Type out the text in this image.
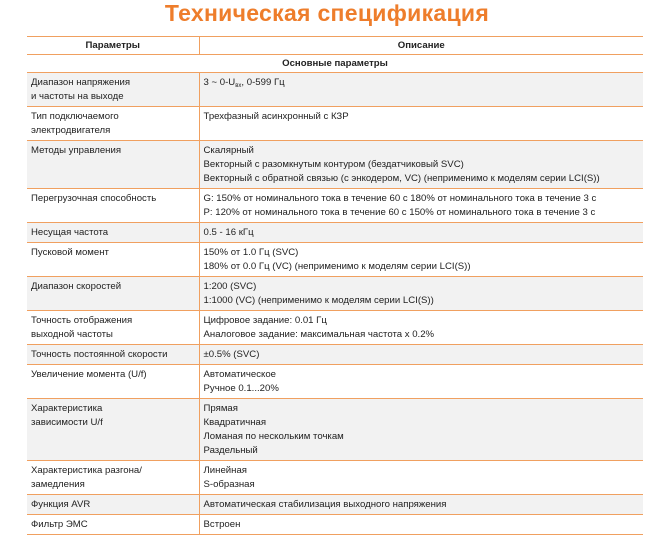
Техническая спецификация
Параметры	Описание
Основные параметры	

Диапазон напряжения
и частоты на выходе	3 ~ $0-U_{вх}$, 0-599 Гц

Тип подключаемого
электродвигателя	Трехфазный асинхронный с КЗР

Методы управления	Скалярный
Векторный с разомкнутым контуром (бездатчиковый SVC)
Векторный с обратной связью (с энкодером, VC) (неприменимо к моделям серии LCI(S))

Перегрузочная способность	G: 150% от номинального тока в течение 60 с 180% от номинального тока в течение 3 с
P: 120% от номинального тока в течение 60 с 150% от номинального тока в течение 3 с

Несущая частота	0.5 - 16 кГц

Пусковой момент	150% от 1.0 Гц (SVC)
180% от 0.0 Гц (VC) (неприменимо к моделям серии LCI(S))

Диапазон скоростей	1:200 (SVC)
1:1000 (VC) (неприменимо к моделям серии LCI(S))

Точность отображения
выходной частоты	Цифровое задание: 0.01 Гц
Аналоговое задание: максимальная частота х 0.2%

Точность постоянной скорости	±0.5% (SVC)

Увеличение момента (U/f)	Автоматическое
Ручное 0.1...20%

Характеристика
зависимости U/f	Прямая
Квадратичная
Ломаная по нескольким точкам
Раздельный

Характеристика разгона/
замедления	Линейная
S-образная

Функция AVR	Автоматическая стабилизация выходного напряжения

Фильтр ЭМС	Встроен
